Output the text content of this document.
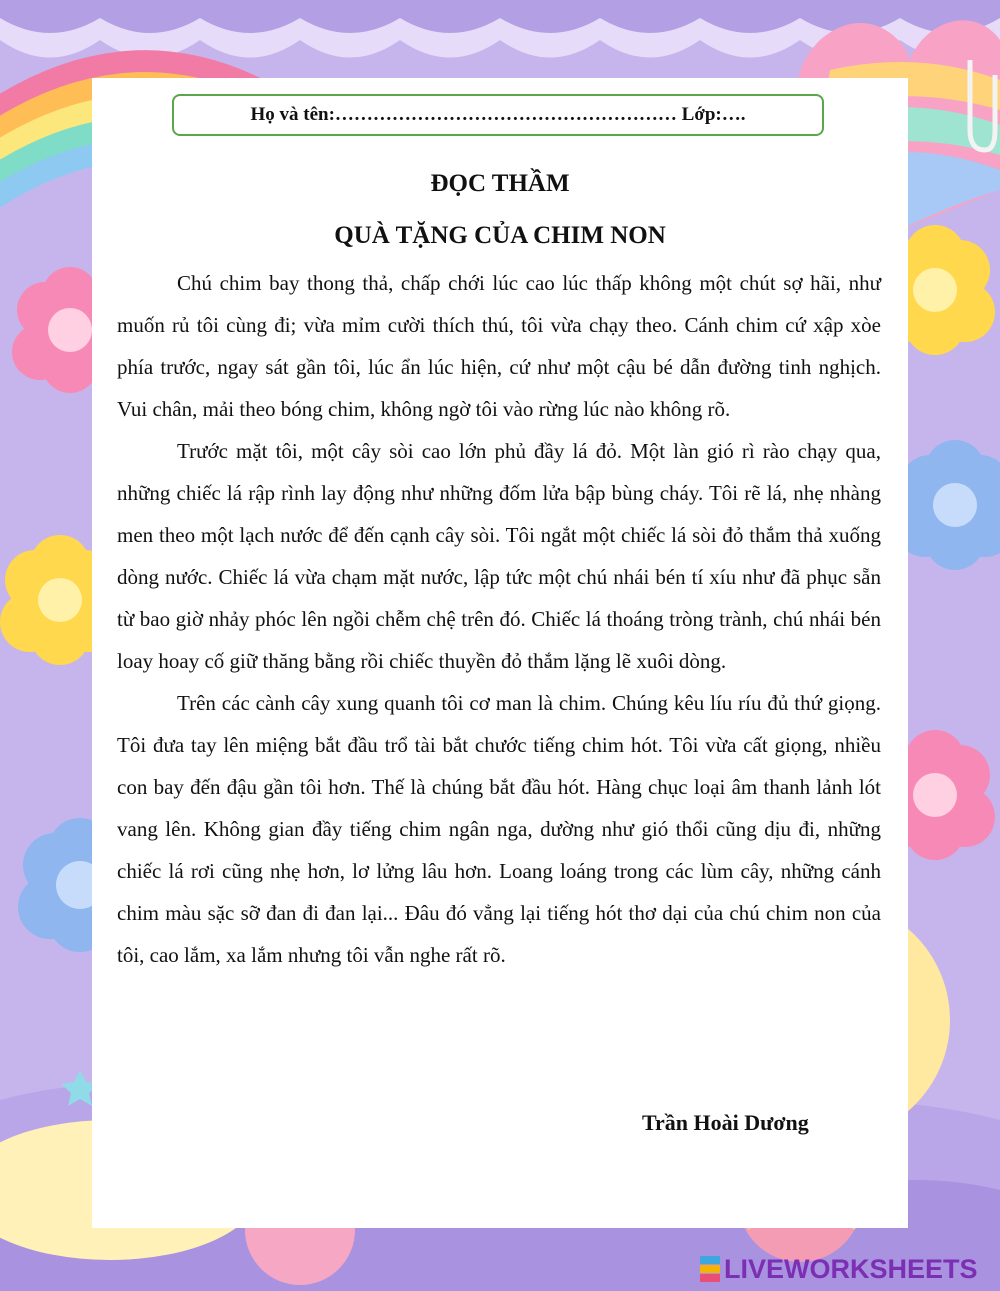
Họ và tên:……………………………………………… Lớp:….
ĐỌC THẦM
QUÀ TẶNG CỦA CHIM NON

Chú chim bay thong thả, chấp chới lúc cao lúc thấp không một chút sợ hãi, như muốn rủ tôi cùng đi; vừa mỉm cười thích thú, tôi vừa chạy theo. Cánh chim cứ xập xòe phía trước, ngay sát gần tôi, lúc ẩn lúc hiện, cứ như một cậu bé dẫn đường tinh nghịch. Vui chân, mải theo bóng chim, không ngờ tôi vào rừng lúc nào không rõ.

Trước mặt tôi, một cây sòi cao lớn phủ đầy lá đỏ. Một làn gió rì rào chạy qua, những chiếc lá rập rình lay động như những đốm lửa bập bùng cháy. Tôi rẽ lá, nhẹ nhàng men theo một lạch nước để đến cạnh cây sòi. Tôi ngắt một chiếc lá sòi đỏ thắm thả xuống dòng nước. Chiếc lá vừa chạm mặt nước, lập tức một chú nhái bén tí xíu như đã phục sẵn từ bao giờ nhảy phóc lên ngồi chễm chệ trên đó. Chiếc lá thoáng tròng trành, chú nhái bén loay hoay cố giữ thăng bằng rồi chiếc thuyền đỏ thắm lặng lẽ xuôi dòng.

Trên các cành cây xung quanh tôi cơ man là chim. Chúng kêu líu ríu đủ thứ giọng. Tôi đưa tay lên miệng bắt đầu trổ tài bắt chước tiếng chim hót. Tôi vừa cất giọng, nhiều con bay đến đậu gần tôi hơn. Thế là chúng bắt đầu hót. Hàng chục loại âm thanh lảnh lót vang lên. Không gian đầy tiếng chim ngân nga, dường như gió thổi cũng dịu đi, những chiếc lá rơi cũng nhẹ hơn, lơ lửng lâu hơn. Loang loáng trong các lùm cây, những cánh chim màu sặc sỡ đan đi đan lại... Đâu đó vẳng lại tiếng hót thơ dại của chú chim non của tôi, cao lắm, xa lắm nhưng tôi vẫn nghe rất rõ.

Trần Hoài Dương
LIVEWORKSHEETS
